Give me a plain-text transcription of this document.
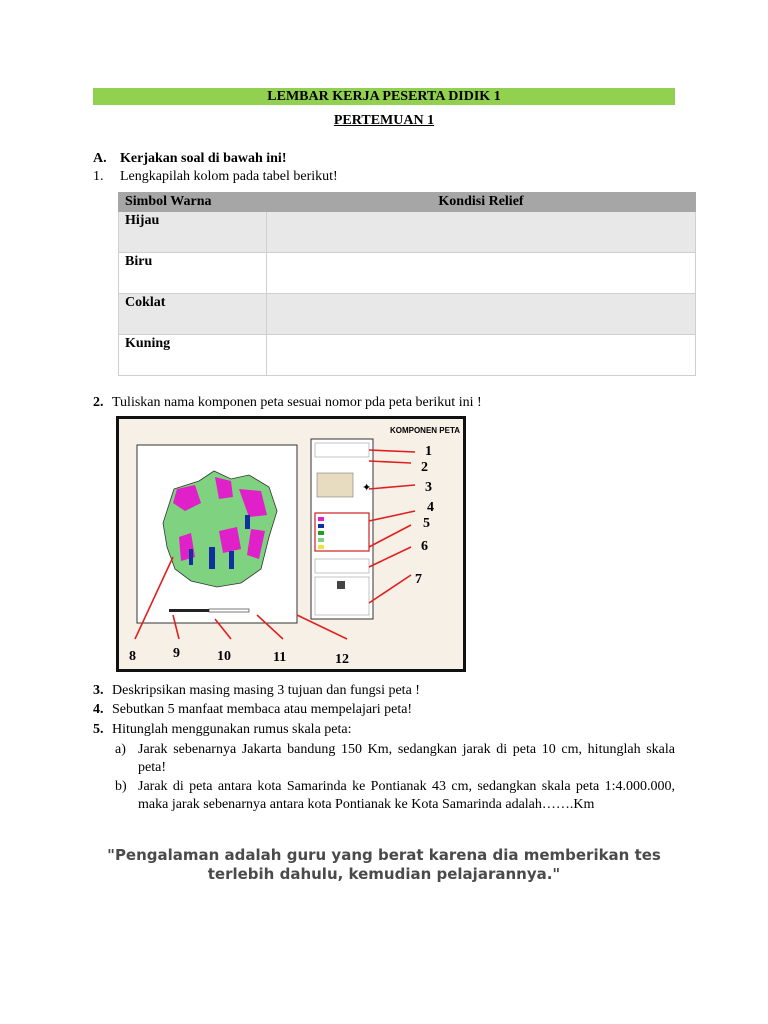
LEMBAR KERJA PESERTA DIDIK 1
PERTEMUAN 1
A. Kerjakan soal di bawah ini!
1. Lengkapilah kolom pada tabel berikut!
Simbol Warna	Kondisi Relief
Hijau	
Biru	
Coklat	
Kuning	
2. Tuliskan nama komponen peta sesuai nomor pda peta berikut ini !
✦
KOMPONEN PETA
1
2
3
4
5
6
7
8	9	10	11	12
3. Deskripsikan masing masing 3 tujuan dan fungsi peta !
4. Sebutkan 5 manfaat membaca atau mempelajari peta!
5. Hitunglah menggunakan rumus skala peta:
a) Jarak sebenarnya Jakarta bandung 150 Km, sedangkan jarak di peta 10 cm, hitunglah skala peta!
b) Jarak di peta antara kota Samarinda ke Pontianak 43 cm, sedangkan skala peta 1:4.000.000, maka jarak sebenarnya antara kota Pontianak ke Kota Samarinda adalah…….Km
"Pengalaman adalah guru yang berat karena dia memberikan tes terlebih dahulu, kemudian pelajarannya."
